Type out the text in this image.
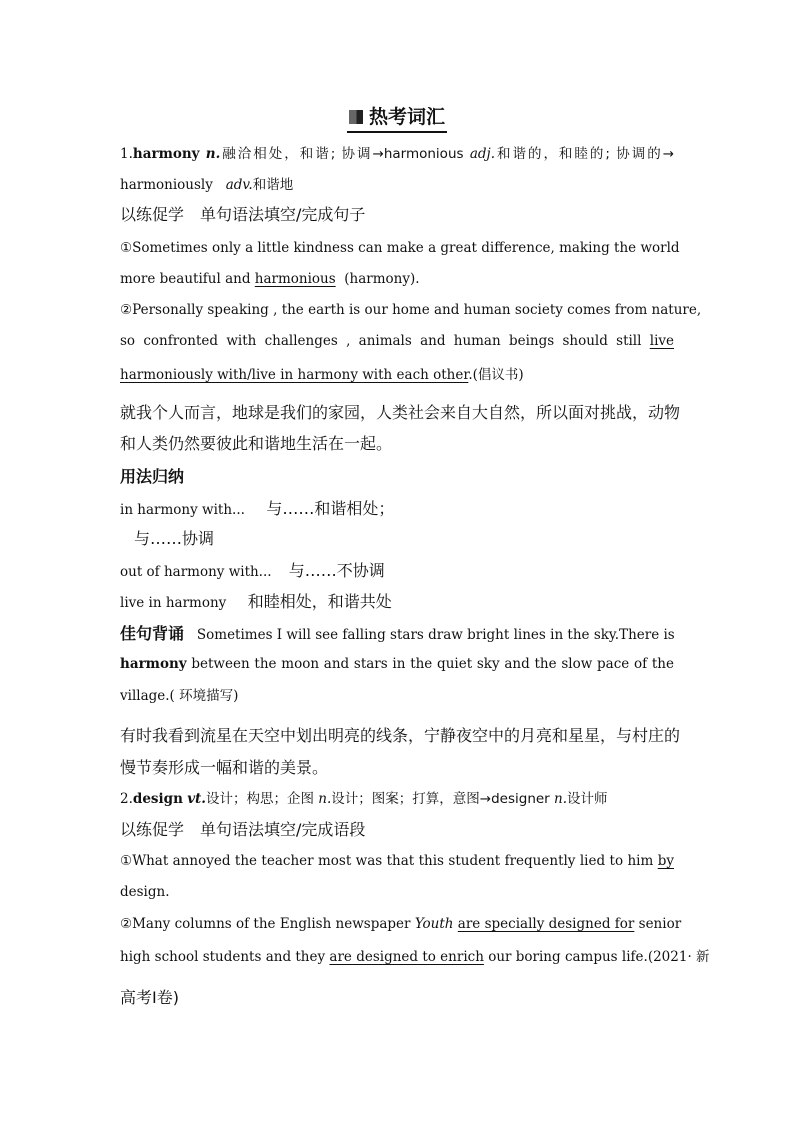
热考词汇
1.harmony n.融洽相处，和谐; 协调→harmonious adj.和谐的，和睦的; 协调的→
harmoniously adv.和谐地
以练促学　单句语法填空/完成句子
①Sometimes only a little kindness can make a great difference, making the world
more beautiful and harmonious (harmony).
②Personally speaking , the earth is our home and human society comes from nature,
so confronted with challenges , animals and human beings should still live
harmoniously with/live in harmony with each other.(倡议书)
就我个人而言，地球是我们的家园，人类社会来自大自然，所以面对挑战，动物
和人类仍然要彼此和谐地生活在一起。
用法归纳
in harmony with... 与……和谐相处；
与……协调
out of harmony with... 与……不协调
live in harmony 和睦相处，和谐共处
佳句背诵 Sometimes I will see falling stars draw bright lines in the sky.There is
harmony between the moon and stars in the quiet sky and the slow pace of the
village.( 环境描写)
有时我看到流星在天空中划出明亮的线条，宁静夜空中的月亮和星星，与村庄的
慢节奏形成一幅和谐的美景。
2.design vt.设计；构思；企图 n.设计；图案；打算，意图→designer n.设计师
以练促学　单句语法填空/完成语段
①What annoyed the teacher most was that this student frequently lied to him by
design.
②Many columns of the English newspaper Youth are specially designed for senior
high school students and they are designed to enrich our boring campus life.(2021· 新
高考Ⅰ卷)
